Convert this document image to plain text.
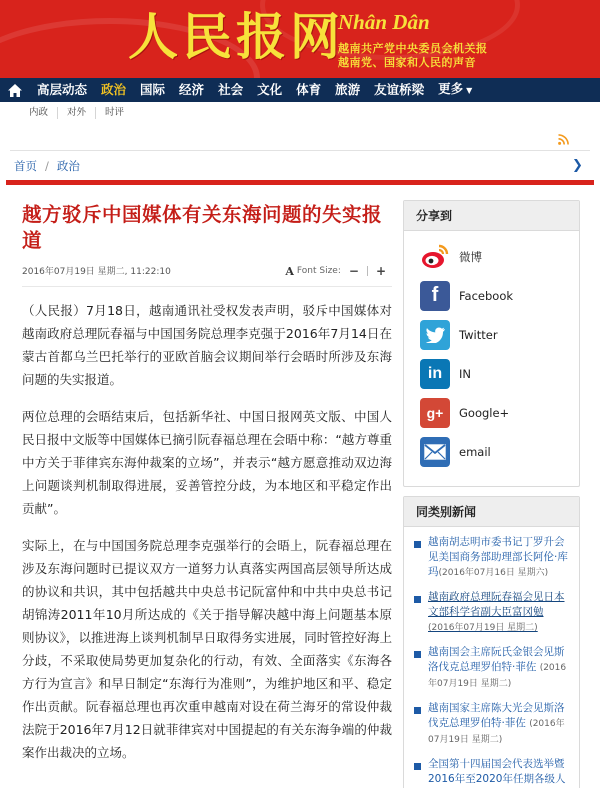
人民报网
Nhân Dân
越南共产党中央委员会机关报
越南党、国家和人民的声音
高层动态	政治	国际	经济	社会	文化	体育	旅游	友谊桥梁	更多 ▼
内政	对外	时评
首页 / 政治	❯
越方驳斥中国媒体有关东海问题的失实报道
2016年07月19日 星期二, 11:22:10	A Font Size: − +

（人民报）7月18日，越南通讯社受权发表声明，驳斥中国媒体对越南政府总理阮春福与中国国务院总理李克强于2016年7月14日在蒙古首都乌兰巴托举行的亚欧首脑会议期间举行会晤时所涉及东海问题的失实报道。

两位总理的会晤结束后，包括新华社、中国日报网英文版、中国人民日报中文版等中国媒体已摘引阮春福总理在会晤中称：“越方尊重中方关于菲律宾东海仲裁案的立场”，并表示“越方愿意推动双边海上问题谈判机制取得进展，妥善管控分歧，为本地区和平稳定作出贡献”。

实际上，在与中国国务院总理李克强举行的会晤上，阮春福总理在涉及东海问题时已提议双方一道努力认真落实两国高层领导所达成的协议和共识，其中包括越共中央总书记阮富仲和中共中央总书记胡锦涛2011年10月所达成的《关于指导解决越中海上问题基本原则协议》，以推进海上谈判机制早日取得务实进展，同时管控好海上分歧，不采取使局势更加复杂化的行动，有效、全面落实《东海各方行为宣言》和早日制定“东海行为准则”，为维护地区和平、稳定作出贡献。阮春福总理也再次重申越南对设在荷兰海牙的常设仲裁法院于2016年7月12日就菲律宾对中国提起的有关东海争端的仲裁案作出裁决的立场。

分享到
微博
f	Facebook
Twitter
in	IN
g+	Google+
email
同类别新闻
越南胡志明市委书记丁罗升会见美国商务部助理部长阿伦·库玛(2016年07月16日 星期六)
越南政府总理阮春福会见日本文部科学省副大臣富冈勉(2016年07月19日 星期二)
越南国会主席阮氏金银会见斯洛伐克总理罗伯特·菲佐 (2016年07月19日 星期二)
越南国家主席陈大光会见斯洛伐克总理罗伯特·菲佐 (2016年07月19日 星期二)
全国第十四届国会代表选举暨2016年至2020年任期各级人
